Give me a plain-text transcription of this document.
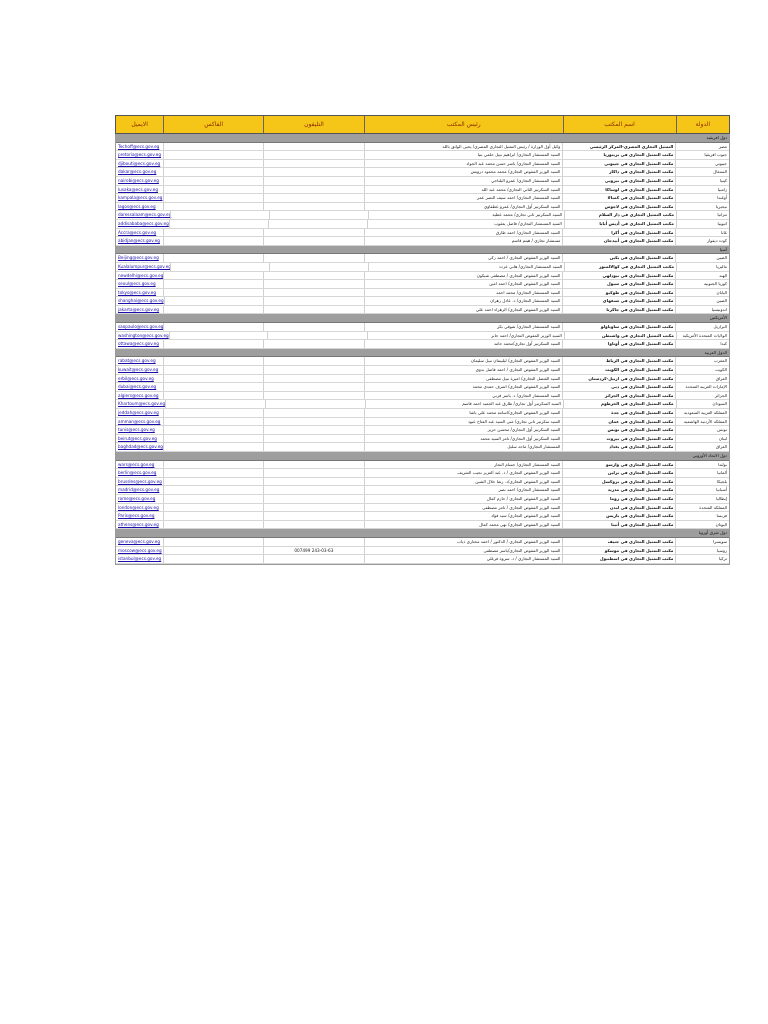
الايميل	الفاكس	التليفون	رئيس المكتب	اسم المكتب	الدولة
دول افريقية
Techoff@ecs.gov.eg	وكيل أول الوزارة / رئيس التمثيل التجاري المصري/ يحيى الواثق بالله	التمثيل التجاري المصري-المركز الرئيسي	مصر
pretoria@ecs.gov.eg	السيد المستشار التجاري/ ابراهيم نبيل حلمي بنيا	مكتب التمثيل التجاري في بريتوريا	جنوب افريقيا
djibouti@ecs.gov.eg	السيد المستشار التجاري/ ياسر حسن محمد عبد الجواد	مكتب التمثيل التجاري في جيبوتي	جيبوتي
dakar@ecs.gov.eg	السيد الوزير المفوض التجاري/ محمد محمود درويش	مكتب التمثيل التجاري في داكار	السنغال
nairobi@ecs.gov.eg	السيد المستشار التجاري/ عمرو البلتاجي	مكتب التمثيل التجاري في نيروبي	كينيا
lusaka@ecs.gov.eg	السيد السكرتير الثاني التجاري/ محمد عبد الله	مكتب التمثيل التجاري في لوساكا	زامبيا
kampala@ecs.gov.eg	السيد المستشار التجاري/ احمد سيف النصر عمر	مكتب التمثيل التجاري في كمبالا	أوغندا
lagos@ecs.gov.eg	السيد السكرتير أول التجاري/ عمرو عطفاوي	مكتب التمثيل التجاري في لاجوس	نيجيريا
daressalaam@ecs.gov.eg	السيد السكرتير ثاني تجاري/ محمد عطية	مكتب التمثيل التجاري في دار السلام	تنزانيا
addisababa@ecs.gov.eg	السيد المستشار التجاري/ فاضل يعقوب	مكتب التمثيل التجاري في أديس أبابا	اثيوبيا
Accra@ecs.gov.eg	السيد المستشار التجاري/ احمد طارق	مكتب التمثيل التجاري في أكرا	غانا
abidjan@ecs.gov.eg	مستشار تجاري / هيثم قاسم	مكتب التمثيل التجاري في أبيدجان	كوت ديفوار
آسيا
Beijing@ecs.gov.eg	السيد الوزير المفوض التجاري / احمد زكي	مكتب التمثيل التجاري في بكين	الصين
Kualalumpur@ecs.gov.eg	السيد المستشار التجاري/ هاني عزت	مكتب التمثيل التجاري في كوالالمبور	ماليزيا
newdelhi@ecs.gov.eg	السيد الوزير المفوض التجاري / مصطفى شيكون	مكتب التمثيل التجاري في نيودلهي	الهند
seoul@ecs.gov.eg	السيد الوزير المفوض التجاري/ احمد امين	مكتب التمثيل التجاري في سيول	كوريا الجنوبية
tokyo@ecs.gov.eg	السيد المستشار التجاري/ محمد احمد	مكتب التمثيل التجاري في طوكيو	اليابان
shanghai@ecs.gov.eg	السيد المستشار التجاري/ د. عادل زهران	مكتب التمثيل التجاري في شنغهاي	الصين
jakarta@ecs.gov.eg	السيد الوزير المفوض التجاري/ الزهراء احمد علي	مكتب التمثيل التجاري في جاكرتا	اندونيسيا
الأمريكتين
saopaulo@ecs.gov.eg	السيد المستشار التجاري/ شوقي بكر	مكتب التمثيل التجاري في ساوباولو	البرازيل
washington@ecs.gov.eg	السيد الوزير المفوض التجاري/ احمد جابر	مكتب التمثيل التجاري في واشنطن	الولايات المتحدة الأمريكية
ottawa@ecs.gov.eg	السيد السكرتير أول تجاري/محمد حامد	مكتب التمثيل التجاري في أوتاوا	كندا
الدول العربية
rabat@ecs.gov.eg	السيد الوزير المفوض التجاري/ لبلبيمان نبيل سليمان	مكتب التمثيل التجاري في الرباط	المغرب
kuwait@ecs.gov.eg	السيد الوزير المفوض التجاري / احمد فاضل بدوي	مكتب التمثيل التجاري في الكويت	الكويت
erbil@ecs.gov.eg	السيد القنصل التجاري/ اميرة نبيل مصطفى	مكتب التمثيل التجاري في اربيل-كردستان	العراق
dubai@ecs.gov.eg	السيد الوزير المفوض التجاري/ اشرف حمدي محمد	مكتب التمثيل التجاري في دبي	الإمارات العربية المتحدة
algiers@ecs.gov.eg	السيد المستشار التجاري/ د. ياسر قرني	مكتب التمثيل التجاري في الجزائر	الجزائر
Khartoum@ecs.gov.eg	السيد السكرتير أول تجاري/ طارق عبد الحميد احمد قاسم	مكتب التمثيل التجاري في الخرطوم	السودان
jeddah@ecs.gov.eg	السيد الوزير المفوض التجاري/اسامة محمد علي ياشا	مكتب التمثيل التجاري في جدة	المملكة العربية السعودية
amman@ecs.gov.eg	السيد سكرتير ثاني تجاري/ منى السيد عبد الفتاح عبود	مكتب التمثيل التجاري في عمان	المملكة الأردنية الهاشمية
tunis@ecs.gov.eg	السيد السكرتير أول التجاري/ محسن حريز	مكتب التمثيل التجاري في تونس	تونس
beirut@ecs.gov.eg	السيد السكرتير أول التجاري/ تامر السيد محمد	مكتب التمثيل التجاري في بيروت	لبنان
baghdad@ecs.gov.eg	المستشار التجاري/ ماجد سليل	مكتب التمثيل التجاري في بغداد	العراق
دول الاتحاد الأوروبي
wars@ecs.gov.eg	السيد المستشار التجاري/ حسام النجار	مكتب التمثيل التجاري في وارسو	بولندا
berlin@ecs.gov.eg	السيد الوزير المفوض التجاري / د. عبد العزيز نجيب الشريف	مكتب التمثيل التجاري في برلين	ألمانيا
brussles@ecs.gov.eg	السيد الوزير المفوض التجاري/د. رشا جلال الشين	مكتب التمثيل التجاري في بروكسل	بلجيكا
madrid@ecs.gov.eg	السيد المستشار التجاري/ احمد نصر	مكتب التمثيل التجاري في مدريد	أسبانيا
rome@ecs.gov.eg	السيد الوزير المفوض التجاري / حازم كمال	مكتب التمثيل التجاري في روما	إيطاليا
london@ecs.gov.eg	السيد الوزير المفوض التجاري / تامر مصطفى	مكتب التمثيل التجاري في لندن	المملكة المتحدة
Paris@ecs.gov.eg	السيد الوزير المفوض التجاري/ سيد فؤاد	مكتب التمثيل التجاري في باريس	فرنسا
athens@ecs.gov.eg	السيد الوزير المفوض التجاري/ نهى محمد كمال	مكتب التمثيل التجاري في أثينا	اليونان
دول شرق أوروبا
geneva@ecs.gov.eg	السيد الوزير المفوض التجاري / الدكتور / احمد مختاري ذياب	مكتب التمثيل التجاري في جنيف	سويسرا
moscow@ecs.gov.eg	007499 243-03-63	السيد الوزير المفوض التجاري/ياسر مصطفى	مكتب التمثيل التجاري في موسكو	روسيا
istanbul@ecs.gov.eg	السيد المستشار التجاري / د. سروة فرغلي	مكتب التمثيل التجاري في اسطنبول	تركيا
